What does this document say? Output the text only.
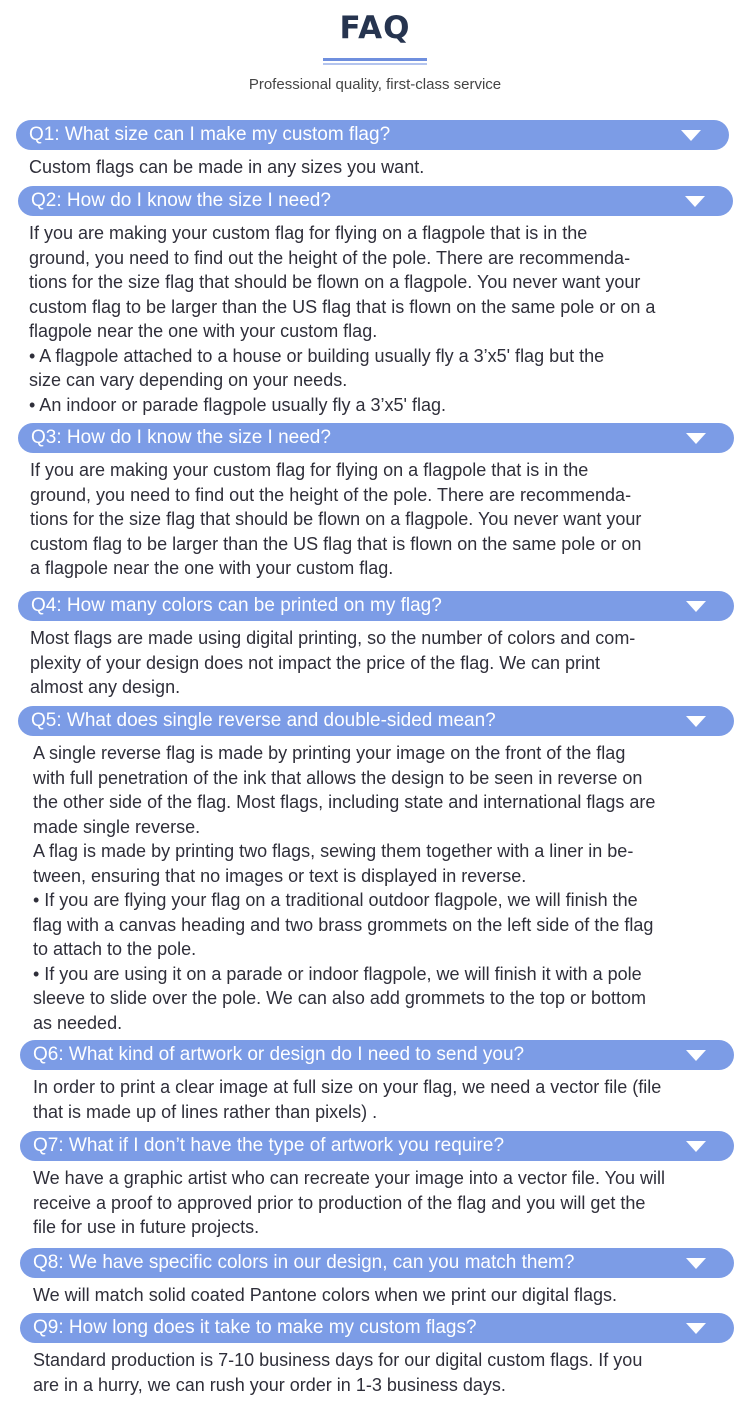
FAQ
Professional quality, first-class service
Q1: What size can I make my custom flag?

Custom flags can be made in any sizes you want.

Q2: How do I know the size I need?

If you are making your custom flag for flying on a flagpole that is in the

ground, you need to find out the height of the pole. There are recommenda-

tions for the size flag that should be flown on a flagpole. You never want your

custom flag to be larger than the US flag that is flown on the same pole or on a

flagpole near the one with your custom flag.

• A flagpole attached to a house or building usually fly a 3’x5' flag but the

size can vary depending on your needs.

• An indoor or parade flagpole usually fly a 3’x5' flag.

Q3: How do I know the size I need?

If you are making your custom flag for flying on a flagpole that is in the

ground, you need to find out the height of the pole. There are recommenda-

tions for the size flag that should be flown on a flagpole. You never want your

custom flag to be larger than the US flag that is flown on the same pole or on

a flagpole near the one with your custom flag.

Q4: How many colors can be printed on my flag?

Most flags are made using digital printing, so the number of colors and com-

plexity of your design does not impact the price of the flag. We can print

almost any design.

Q5: What does single reverse and double-sided mean?

A single reverse flag is made by printing your image on the front of the flag

with full penetration of the ink that allows the design to be seen in reverse on

the other side of the flag. Most flags, including state and international flags are

made single reverse.

A flag is made by printing two flags, sewing them together with a liner in be-

tween, ensuring that no images or text is displayed in reverse.

• If you are flying your flag on a traditional outdoor flagpole, we will finish the

flag with a canvas heading and two brass grommets on the left side of the flag

to attach to the pole.

• If you are using it on a parade or indoor flagpole, we will finish it with a pole

sleeve to slide over the pole. We can also add grommets to the top or bottom

as needed.

Q6: What kind of artwork or design do I need to send you?

In order to print a clear image at full size on your flag, we need a vector file (file

that is made up of lines rather than pixels) .

Q7: What if I don’t have the type of artwork you require?

We have a graphic artist who can recreate your image into a vector file. You will

receive a proof to approved prior to production of the flag and you will get the

file for use in future projects.

Q8: We have specific colors in our design, can you match them?

We will match solid coated Pantone colors when we print our digital flags.

Q9: How long does it take to make my custom flags?

Standard production is 7-10 business days for our digital custom flags. If you

are in a hurry, we can rush your order in 1-3 business days.
